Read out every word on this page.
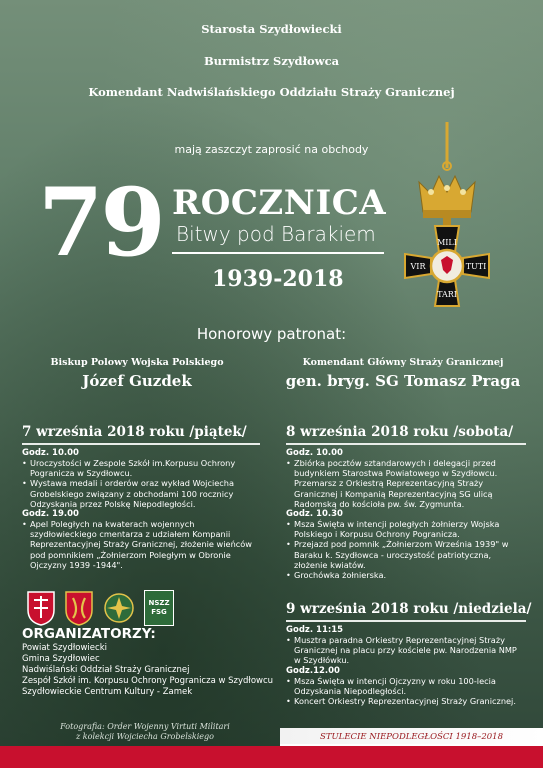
Starosta Szydłowiecki
Burmistrz Szydłowca
Komendant Nadwiślańskiego Oddziału Straży Granicznej
mają zaszczyt zaprosić na obchody
79 ROCZNICA
Bitwy pod Barakiem
1939-2018
MILI
VIR	TUTI
TARI
Honorowy patronat:
Biskup Polowy Wojska Polskiego
Józef Guzdek
Komendant Główny Straży Granicznej
gen. bryg. SG Tomasz Praga
7 września 2018 roku /piątek/
Godz. 10.00
• Uroczystości w Zespole Szkół im.Korpusu Ochrony Pogranicza w Szydłowcu.
• Wystawa medali i orderów oraz wykład Wojciecha Grobelskiego związany z obchodami 100 rocznicy Odzyskania przez Polskę Niepodległości.
Godz. 19.00
• Apel Poległych na kwaterach wojennych szydłowieckiego cmentarza z udziałem Kompanii Reprezentacyjnej Straży Granicznej, złożenie wieńców pod pomnikiem „Żołnierzom Poległym w Obronie Ojczyzny 1939 -1944".
8 września 2018 roku /sobota/
Godz. 10.00
• Zbiórka pocztów sztandarowych i delegacji przed budynkiem Starostwa Powiatowego w Szydłowcu. Przemarsz z Orkiestrą Reprezentacyjną Straży Granicznej i Kompanią Reprezentacyjną SG ulicą Radomską do kościoła pw. św. Zygmunta.
Godz. 10.30
• Msza Święta w intencji poległych żołnierzy Wojska Polskiego i Korpusu Ochrony Pogranicza.
• Przejazd pod pomnik „Żołnierzom Września 1939" w Baraku k. Szydłowca - uroczystość patriotyczna, złożenie kwiatów.
• Grochówka żołnierska.
9 września 2018 roku /niedziela/
Godz. 11:15
• Musztra paradna Orkiestry Reprezentacyjnej Straży Granicznej na placu przy kościele pw. Narodzenia NMP w Szydłówku.
Godz.12.00
• Msza Święta w intencji Ojczyzny w roku 100-lecia Odzyskania Niepodległości.
• Koncert Orkiestry Reprezentacyjnej Straży Granicznej.
NSZZ FSG
ORGANIZATORZY:
Powiat Szydłowiecki
Gmina Szydłowiec
Nadwiślański Oddział Straży Granicznej
Zespół Szkół im. Korpusu Ochrony Pogranicza w Szydłowcu
Szydłowieckie Centrum Kultury - Zamek
Fotografia: Order Wojenny Virtuti Militari
z kolekcji Wojciecha Grobelskiego	STULECIE NIEPODLEGŁOŚCI 1918–2018
